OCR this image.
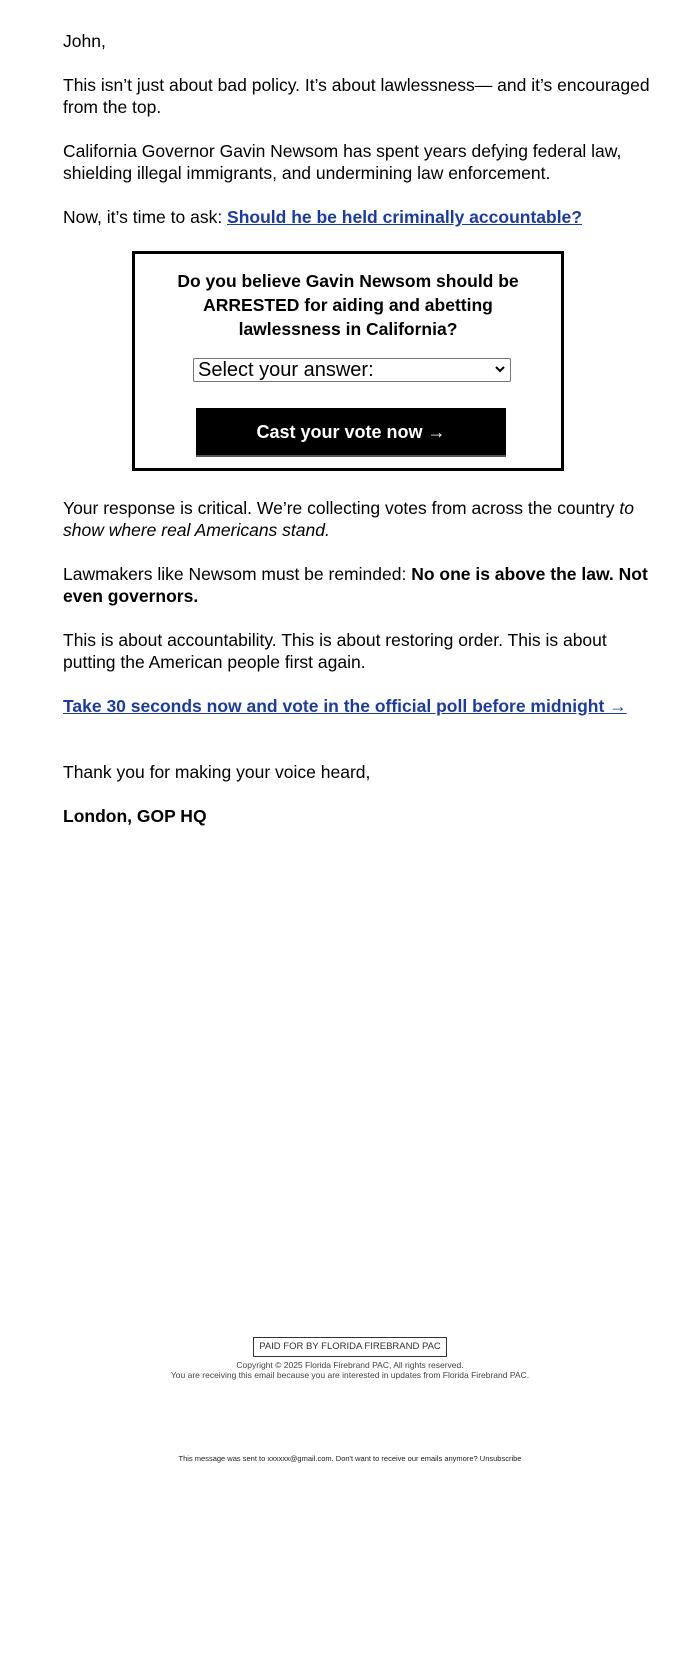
John,

This isn’t just about bad policy. It’s about lawlessness— and it’s encouraged from the top.

California Governor Gavin Newsom has spent years defying federal law, shielding illegal immigrants, and undermining law enforcement.

Now, it’s time to ask: Should he be held criminally accountable?

Your response is critical. We’re collecting votes from across the country to show where real Americans stand.

Lawmakers like Newsom must be reminded: No one is above the law. Not even governors.

This is about accountability. This is about restoring order. This is about putting the American people first again.

Take 30 seconds now and vote in the official poll before midnight →

Thank you for making your voice heard,

London, GOP HQ

Do you believe Gavin Newsom should be ARRESTED for aiding and abetting lawlessness in California?
Select your answer:
Cast your vote now →
PAID FOR BY FLORIDA FIREBRAND PAC
Copyright © 2025 Florida Firebrand PAC, All rights reserved.
You are receiving this email because you are interested in updates from Florida Firebrand PAC.
This message was sent to xxxxxx@gmail.com. Don't want to receive our emails anymore? Unsubscribe
